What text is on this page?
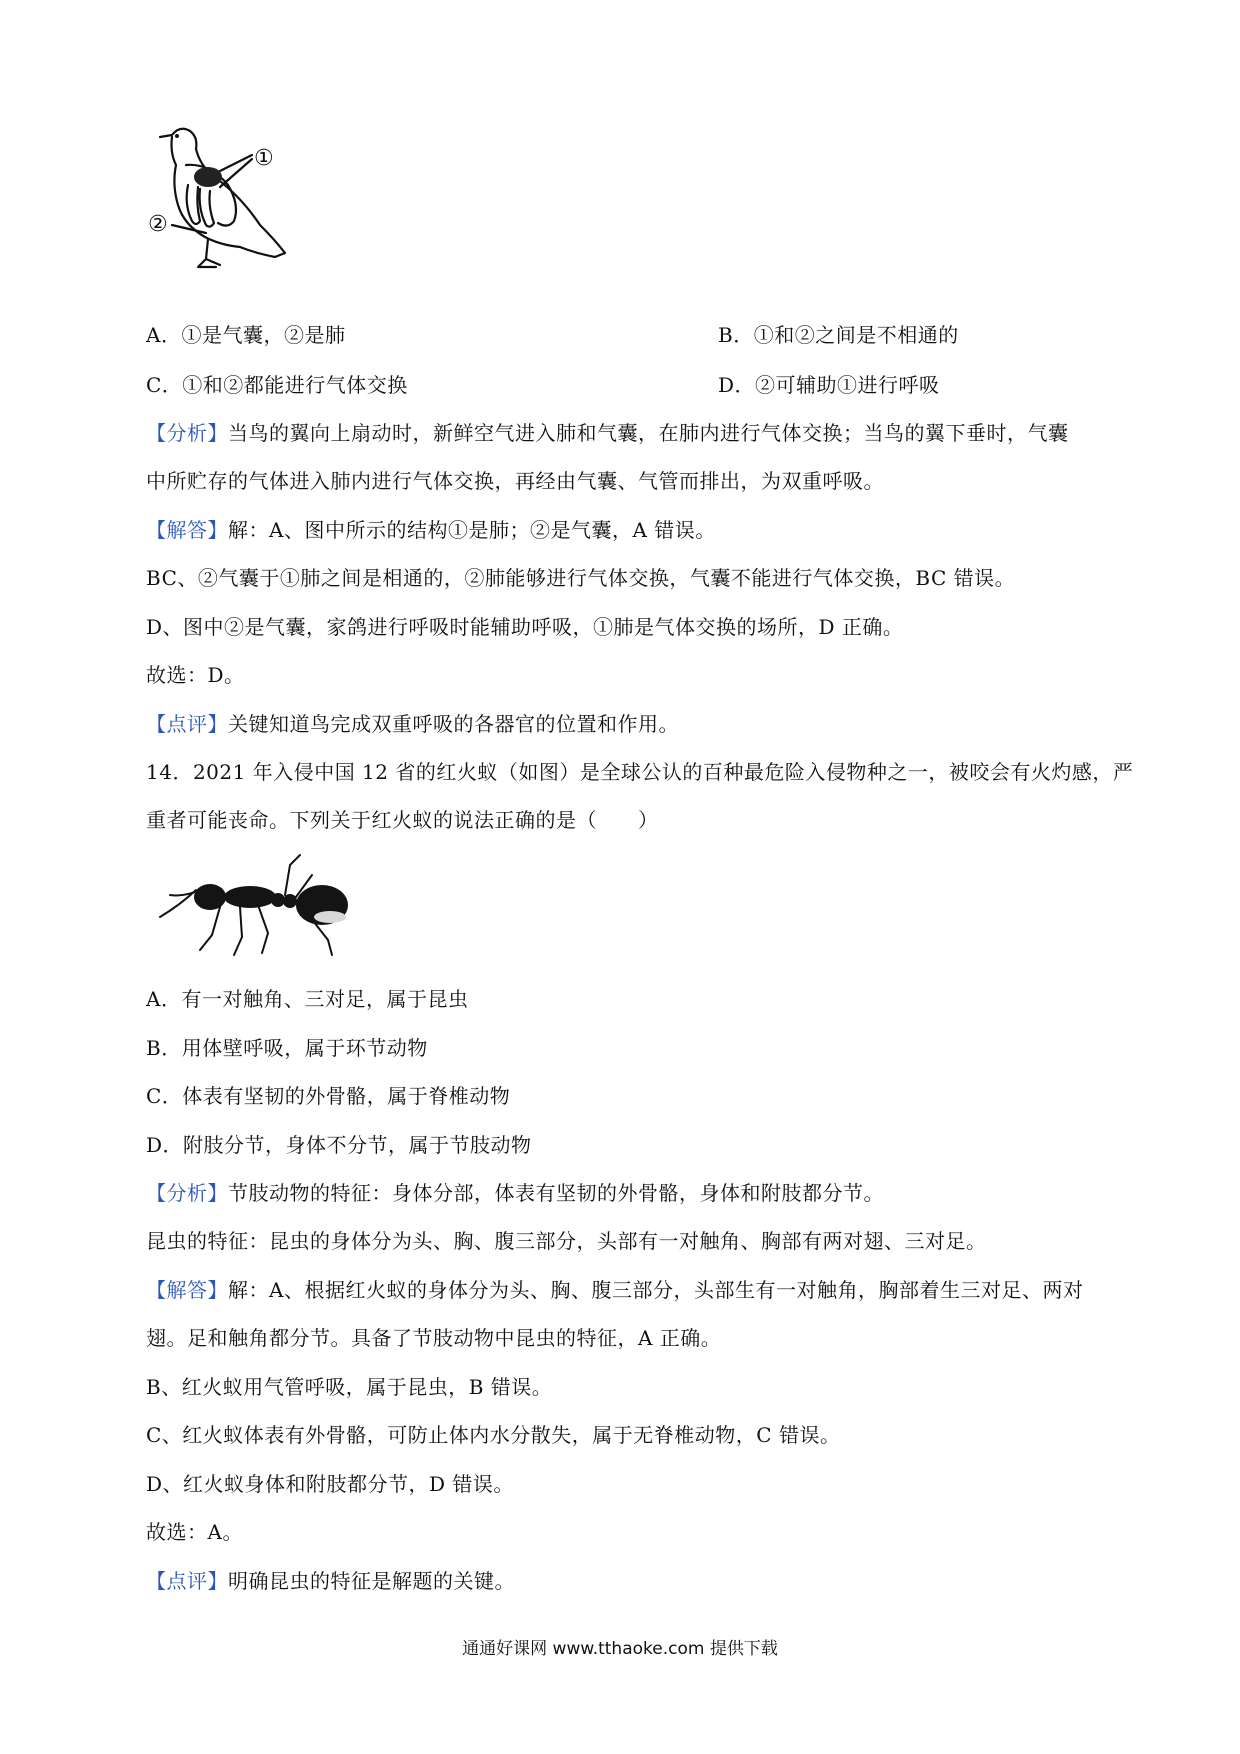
①
②
A．①是气囊，②是肺	B．①和②之间是不相通的
C．①和②都能进行气体交换	D．②可辅助①进行呼吸
【分析】当鸟的翼向上扇动时，新鲜空气进入肺和气囊，在肺内进行气体交换；当鸟的翼下垂时，气囊
中所贮存的气体进入肺内进行气体交换，再经由气囊、气管而排出，为双重呼吸。
【解答】解：A、图中所示的结构①是肺；②是气囊，A 错误。
BC、②气囊于①肺之间是相通的，②肺能够进行气体交换，气囊不能进行气体交换，BC 错误。
D、图中②是气囊，家鸽进行呼吸时能辅助呼吸，①肺是气体交换的场所，D 正确。
故选：D。
【点评】关键知道鸟完成双重呼吸的各器官的位置和作用。
14．2021 年入侵中国 12 省的红火蚁（如图）是全球公认的百种最危险入侵物种之一，被咬会有火灼感，严
重者可能丧命。下列关于红火蚁的说法正确的是（　　）
A．有一对触角、三对足，属于昆虫
B．用体壁呼吸，属于环节动物
C．体表有坚韧的外骨骼，属于脊椎动物
D．附肢分节，身体不分节，属于节肢动物
【分析】节肢动物的特征：身体分部，体表有坚韧的外骨骼，身体和附肢都分节。
昆虫的特征：昆虫的身体分为头、胸、腹三部分，头部有一对触角、胸部有两对翅、三对足。
【解答】解：A、根据红火蚁的身体分为头、胸、腹三部分，头部生有一对触角，胸部着生三对足、两对
翅。足和触角都分节。具备了节肢动物中昆虫的特征，A 正确。
B、红火蚁用气管呼吸，属于昆虫，B 错误。
C、红火蚁体表有外骨骼，可防止体内水分散失，属于无脊椎动物，C 错误。
D、红火蚁身体和附肢都分节，D 错误。
故选：A。
【点评】明确昆虫的特征是解题的关键。
通通好课网 www.tthaoke.com 提供下载
